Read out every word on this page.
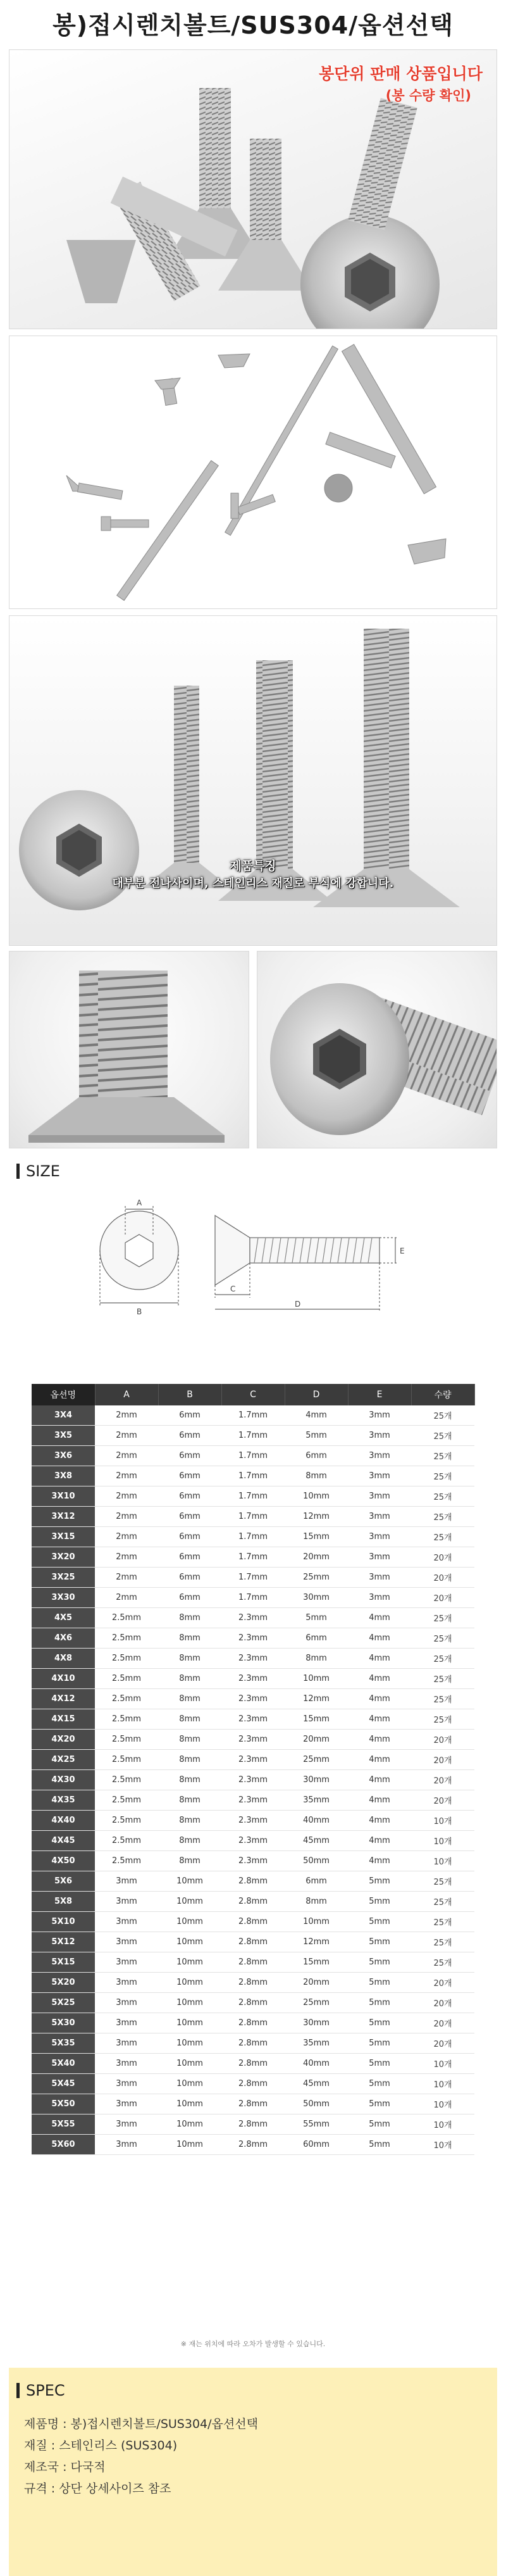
봉)접시렌치볼트/SUS304/옵션선택
봉단위 판매 상품입니다
(봉 수량 확인)
제품특징
대부분 전나사이며, 스테인리스 재질로 부식에 강합니다.
SIZE
A
B
C
D
E
옵션명	A	B	C	D	E	수량
3X4	2mm	6mm	1.7mm	4mm	3mm	25개
3X5	2mm	6mm	1.7mm	5mm	3mm	25개
3X6	2mm	6mm	1.7mm	6mm	3mm	25개
3X8	2mm	6mm	1.7mm	8mm	3mm	25개
3X10	2mm	6mm	1.7mm	10mm	3mm	25개
3X12	2mm	6mm	1.7mm	12mm	3mm	25개
3X15	2mm	6mm	1.7mm	15mm	3mm	25개
3X20	2mm	6mm	1.7mm	20mm	3mm	20개
3X25	2mm	6mm	1.7mm	25mm	3mm	20개
3X30	2mm	6mm	1.7mm	30mm	3mm	20개
4X5	2.5mm	8mm	2.3mm	5mm	4mm	25개
4X6	2.5mm	8mm	2.3mm	6mm	4mm	25개
4X8	2.5mm	8mm	2.3mm	8mm	4mm	25개
4X10	2.5mm	8mm	2.3mm	10mm	4mm	25개
4X12	2.5mm	8mm	2.3mm	12mm	4mm	25개
4X15	2.5mm	8mm	2.3mm	15mm	4mm	25개
4X20	2.5mm	8mm	2.3mm	20mm	4mm	20개
4X25	2.5mm	8mm	2.3mm	25mm	4mm	20개
4X30	2.5mm	8mm	2.3mm	30mm	4mm	20개
4X35	2.5mm	8mm	2.3mm	35mm	4mm	20개
4X40	2.5mm	8mm	2.3mm	40mm	4mm	10개
4X45	2.5mm	8mm	2.3mm	45mm	4mm	10개
4X50	2.5mm	8mm	2.3mm	50mm	4mm	10개
5X6	3mm	10mm	2.8mm	6mm	5mm	25개
5X8	3mm	10mm	2.8mm	8mm	5mm	25개
5X10	3mm	10mm	2.8mm	10mm	5mm	25개
5X12	3mm	10mm	2.8mm	12mm	5mm	25개
5X15	3mm	10mm	2.8mm	15mm	5mm	25개
5X20	3mm	10mm	2.8mm	20mm	5mm	20개
5X25	3mm	10mm	2.8mm	25mm	5mm	20개
5X30	3mm	10mm	2.8mm	30mm	5mm	20개
5X35	3mm	10mm	2.8mm	35mm	5mm	20개
5X40	3mm	10mm	2.8mm	40mm	5mm	10개
5X45	3mm	10mm	2.8mm	45mm	5mm	10개
5X50	3mm	10mm	2.8mm	50mm	5mm	10개
5X55	3mm	10mm	2.8mm	55mm	5mm	10개
5X60	3mm	10mm	2.8mm	60mm	5mm	10개
※ 재는 위치에 따라 오차가 발생할 수 있습니다.
SPEC
제품명 : 봉)접시렌치볼트/SUS304/옵션선택
재질 : 스테인리스 (SUS304)
제조국 : 다국적
규격 : 상단 상세사이즈 참조
